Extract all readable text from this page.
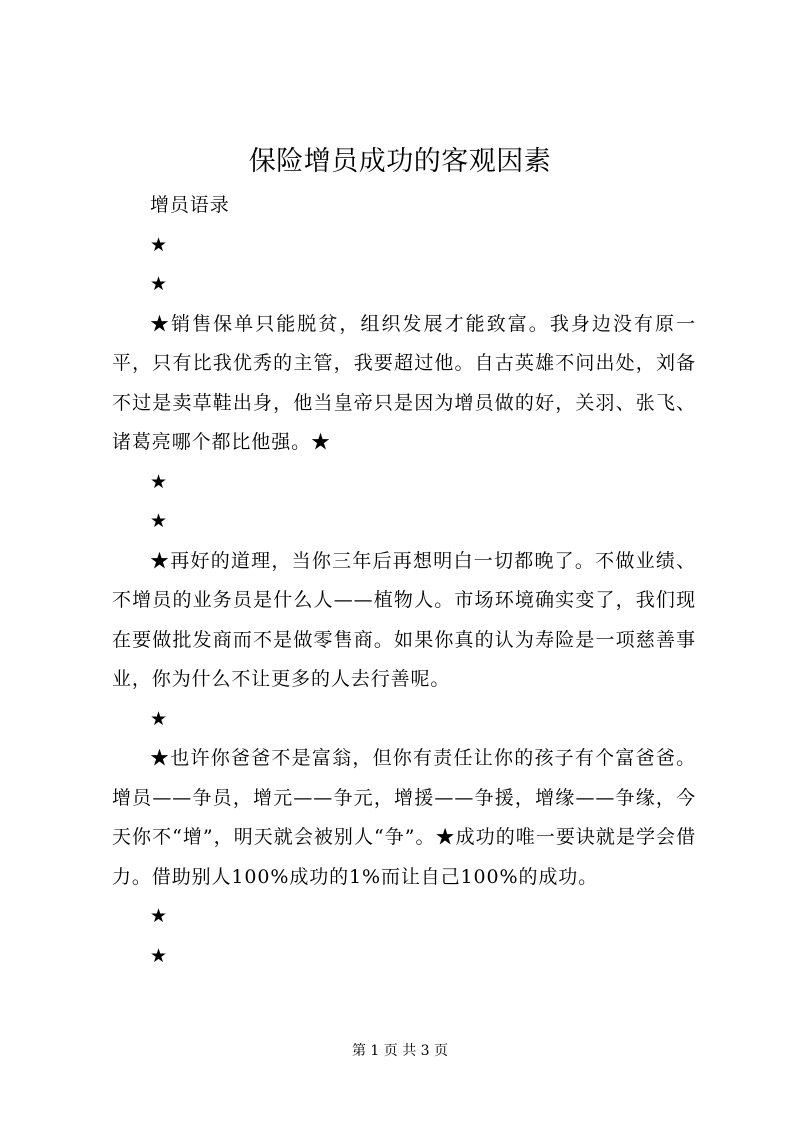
保险增员成功的客观因素

增员语录

★

★

★销售保单只能脱贫，组织发展才能致富。我身边没有原一平，只有比我优秀的主管，我要超过他。自古英雄不问出处，刘备不过是卖草鞋出身，他当皇帝只是因为增员做的好，关羽、张飞、诸葛亮哪个都比他强。★

★

★

★再好的道理，当你三年后再想明白一切都晚了。不做业绩、不增员的业务员是什么人——植物人。市场环境确实变了，我们现在要做批发商而不是做零售商。如果你真的认为寿险是一项慈善事业，你为什么不让更多的人去行善呢。

★

★也许你爸爸不是富翁，但你有责任让你的孩子有个富爸爸。增员——争员，增元——争元，增援——争援，增缘——争缘，今天你不“增”，明天就会被别人“争”。★成功的唯一要诀就是学会借力。借助别人100%成功的1%而让自己100%的成功。

★

★

第 1 页 共 3 页
